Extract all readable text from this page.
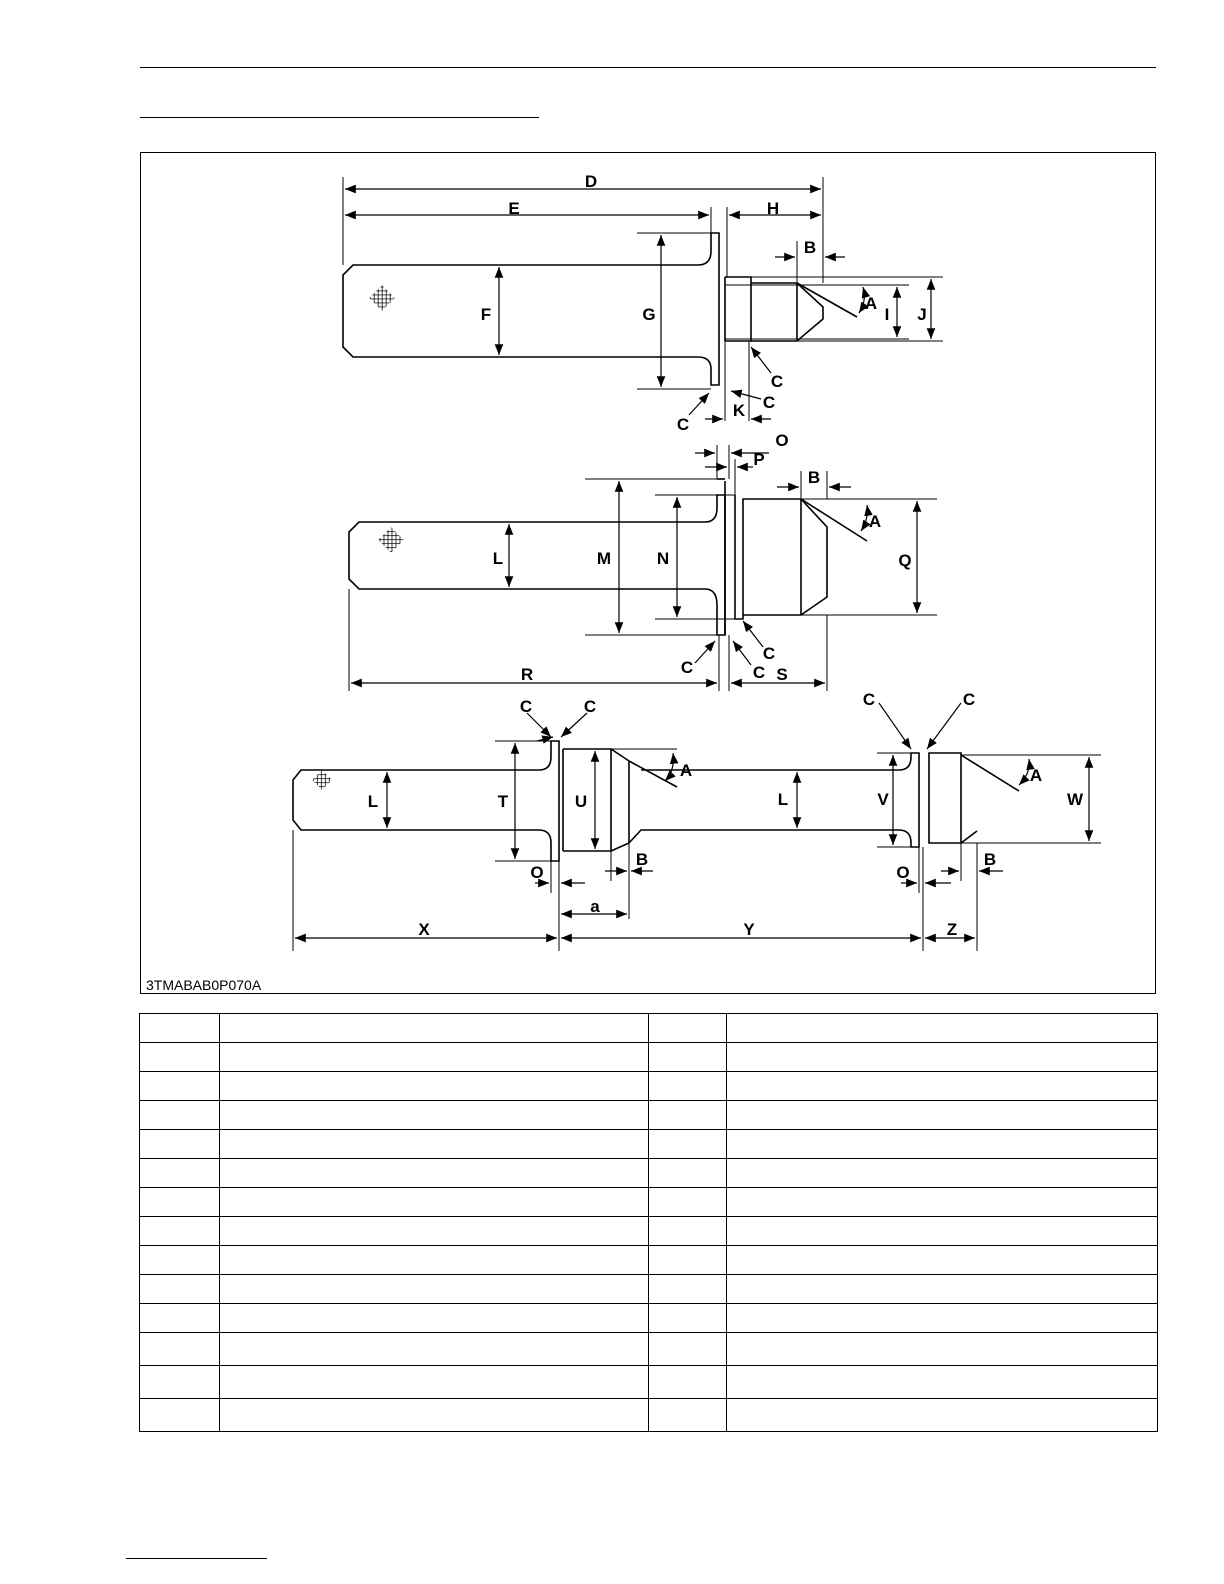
D
E	H
B
A
F	G	I J
C
C
K
C
O
P
B
A
L	M	N	Q
C
C	C S
R
C	C	C	C
A	A
L	T	U	L	V	W
B	B
O	O
a
X	Y	Z
3TMABAB0P070A
